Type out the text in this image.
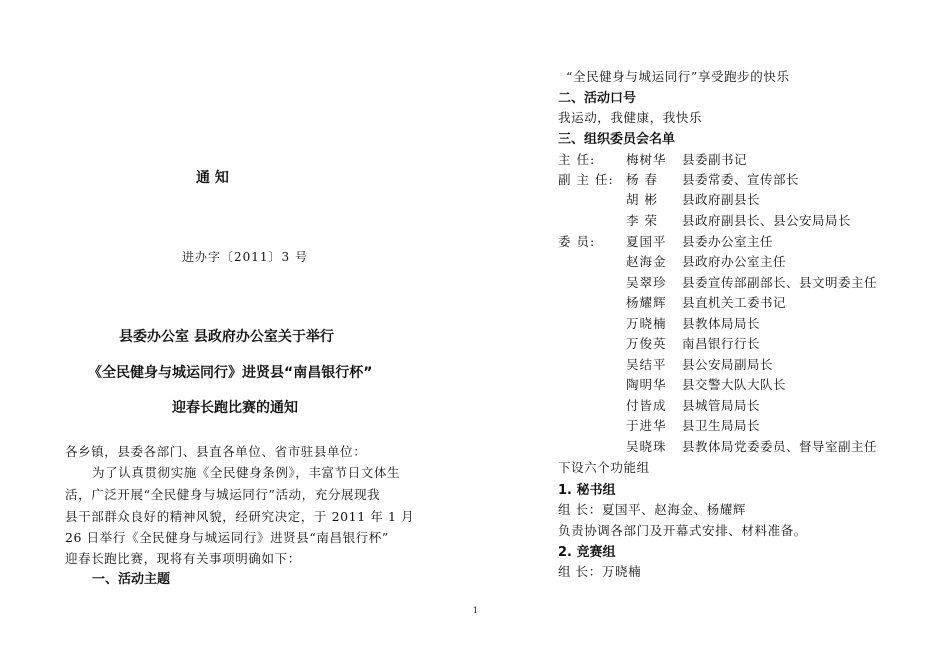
通 知
进办字〔2011〕3 号
县委办公室 县政府办公室关于举行
《全民健身与城运同行》进贤县“南昌银行杯”
迎春长跑比赛的通知
各乡镇，县委各部门、县直各单位、省市驻县单位：
为了认真贯彻实施《全民健身条例》，丰富节日文体生
活，广泛开展“全民健身与城运同行”活动，充分展现我
县干部群众良好的精神风貌，经研究决定，于 2011 年 1 月
26 日举行《全民健身与城运同行》进贤县“南昌银行杯”
迎春长跑比赛，现将有关事项明确如下：
一、活动主题
“全民健身与城运同行”享受跑步的快乐
二、活动口号
我运动，我健康，我快乐
三、组织委员会名单
主 任: 梅树华 县委副书记
副 主 任: 杨 春 县委常委、宣传部长
胡 彬 县政府副县长
李 荣 县政府副县长、县公安局局长
委 员: 夏国平 县委办公室主任
赵海金 县政府办公室主任
吴翠珍 县委宣传部副部长、县文明委主任
杨耀辉 县直机关工委书记
万晓楠 县教体局局长
万俊英 南昌银行行长
吴结平 县公安局副局长
陶明华 县交警大队大队长
付皆成 县城管局局长
于进华 县卫生局局长
吴晓珠 县教体局党委委员、督导室副主任
下设六个功能组
1. 秘书组
组 长：夏国平、赵海金、杨耀辉
负责协调各部门及开幕式安排、材料准备。
2. 竞赛组
组 长：万晓楠
1
